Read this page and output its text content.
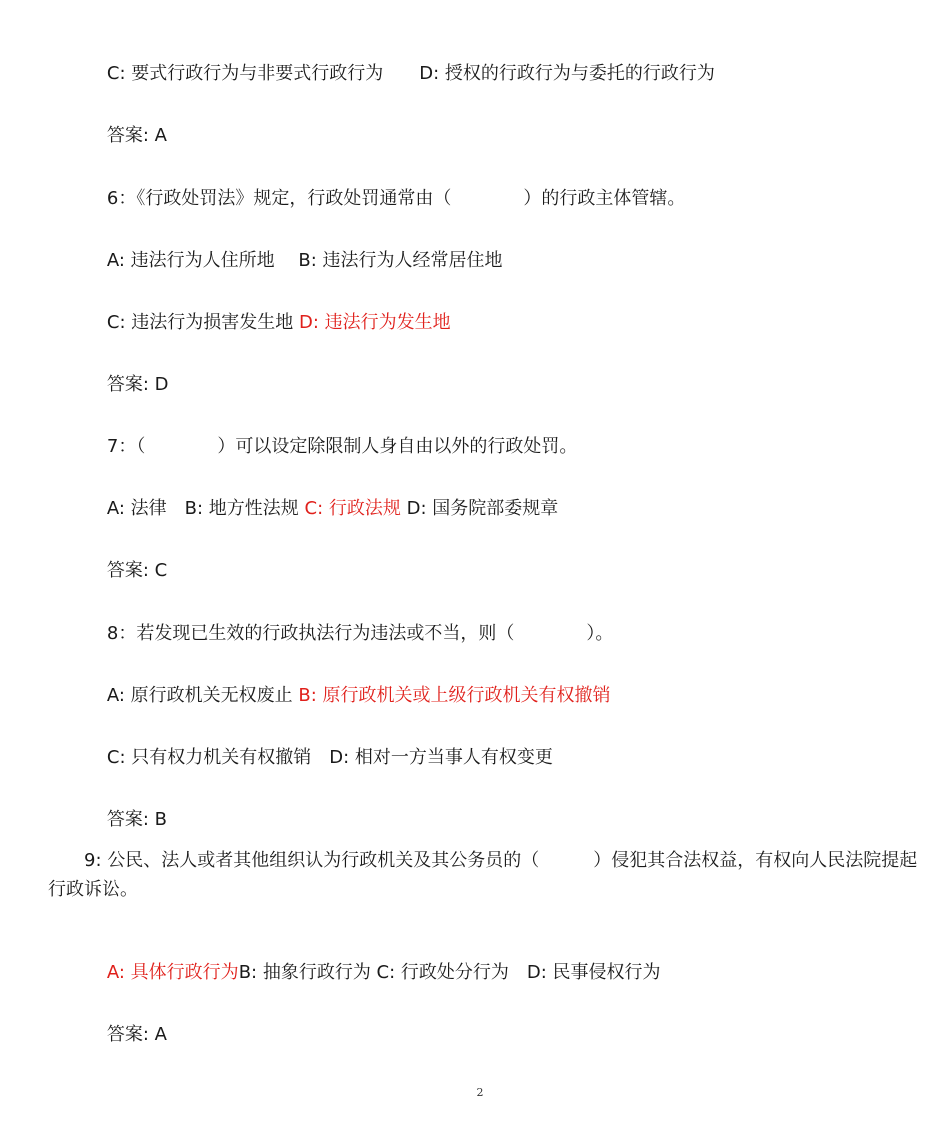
C: 要式行政行为与非要式行政行为　　D: 授权的行政行为与委托的行政行为

答案: A

6：《行政处罚法》规定，行政处罚通常由（　　　　）的行政主体管辖。

A: 违法行为人住所地　 B: 违法行为人经常居住地

C: 违法行为损害发生地 D: 违法行为发生地

答案: D

7：（　　　　）可以设定除限制人身自由以外的行政处罚。

A: 法律　B: 地方性法规 C: 行政法规 D: 国务院部委规章

答案: C

8：若发现已生效的行政执法行为违法或不当，则（　　　　）。

A: 原行政机关无权废止 B: 原行政机关或上级行政机关有权撤销

C: 只有权力机关有权撤销　D: 相对一方当事人有权变更

答案: B

9: 公民、法人或者其他组织认为行政机关及其公务员的（　　　）侵犯其合法权益，有权向人民法院提起行政诉讼。

A: 具体行政行为B: 抽象行政行为 C: 行政处分行为　D: 民事侵权行为

答案: A

2
